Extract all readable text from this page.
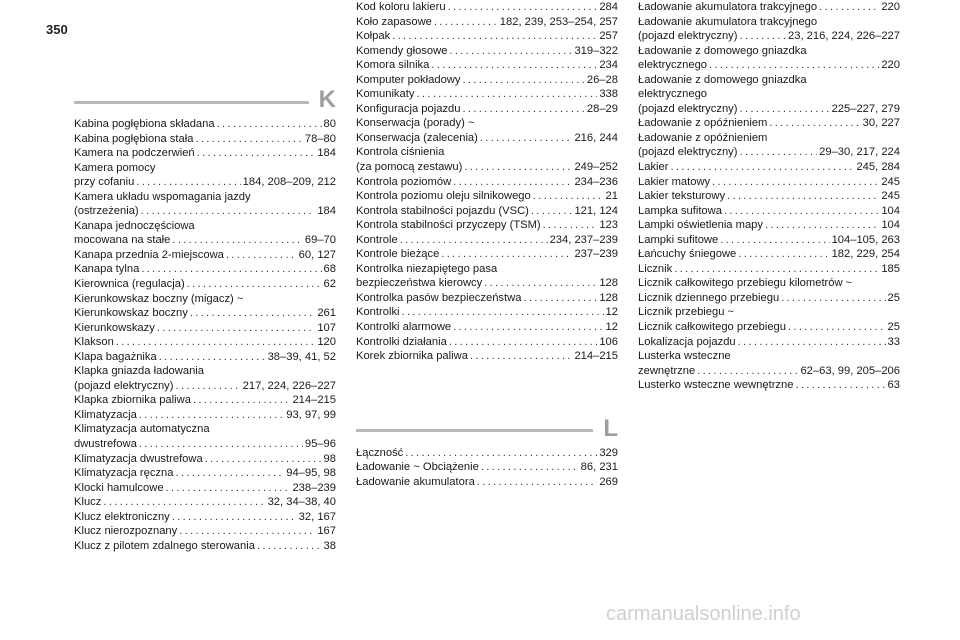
350
K
Kabina pogłębiona składana . . .	80
Kabina pogłębiona stała . . .	78–80
Kamera na podczerwień . . .	184
Kamera pomocy
przy cofaniu . . .	184, 208–209, 212
Kamera układu wspomagania jazdy
(ostrzeżenia) . . .	184
Kanapa jednoczęściowa
mocowana na stałe . . .	69–70
Kanapa przednia 2-miejscowa . . .	60, 127
Kanapa tylna . . .	68
Kierownica (regulacja) . . .	62
Kierunkowskaz boczny (migacz) ~
Kierunkowskaz boczny . . .	261
Kierunkowskazy . . .	107
Klakson . . .	120
Klapa bagażnika . . .	38–39, 41, 52
Klapka gniazda ładowania
(pojazd elektryczny) . . .	217, 224, 226–227
Klapka zbiornika paliwa . . .	214–215
Klimatyzacja . . .	93, 97, 99
Klimatyzacja automatyczna
dwustrefowa . . .	95–96
Klimatyzacja dwustrefowa . . .	98
Klimatyzacja ręczna . . .	94–95, 98
Klocki hamulcowe . . .	238–239
Klucz . . .	32, 34–38, 40
Klucz elektroniczny . . .	32, 167
Klucz nierozpoznany . . .	167
Klucz z pilotem zdalnego sterowania . . .	38
Kod koloru lakieru . . .	284
Koło zapasowe . . .	182, 239, 253–254, 257
Kołpak . . .	257
Komendy głosowe . . .	319–322
Komora silnika . . .	234
Komputer pokładowy . . .	26–28
Komunikaty . . .	338
Konfiguracja pojazdu . . .	28–29
Konserwacja (porady) ~
Konserwacja (zalecenia) . . .	216, 244
Kontrola ciśnienia
(za pomocą zestawu) . . .	249–252
Kontrola poziomów . . .	234–236
Kontrola poziomu oleju silnikowego . . .	21
Kontrola stabilności pojazdu (VSC) . . .	121, 124
Kontrola stabilności przyczepy (TSM) . . .	123
Kontrole . . .	234, 237–239
Kontrole bieżące . . .	237–239
Kontrolka niezapiętego pasa
bezpieczeństwa kierowcy . . .	128
Kontrolka pasów bezpieczeństwa . . .	128
Kontrolki . . .	12
Kontrolki alarmowe . . .	12
Kontrolki działania . . .	106
Korek zbiornika paliwa . . .	214–215
L
Łączność . . .	329
Ładowanie ~ Obciążenie . . .	86, 231
Ładowanie akumulatora . . .	269
Ładowanie akumulatora trakcyjnego . . .	220
Ładowanie akumulatora trakcyjnego
(pojazd elektryczny) . . .	23, 216, 224, 226–227
Ładowanie z domowego gniazdka
elektrycznego . . .	220
Ładowanie z domowego gniazdka
elektrycznego
(pojazd elektryczny) . . .	225–227, 279
Ładowanie z opóźnieniem . . .	30, 227
Ładowanie z opóźnieniem
(pojazd elektryczny) . . .	29–30, 217, 224
Lakier . . .	245, 284
Lakier matowy . . .	245
Lakier teksturowy . . .	245
Lampka sufitowa . . .	104
Lampki oświetlenia mapy . . .	104
Lampki sufitowe . . .	104–105, 263
Łańcuchy śniegowe . . .	182, 229, 254
Licznik . . .	185
Licznik całkowitego przebiegu kilometrów ~
Licznik dziennego przebiegu . . .	25
Licznik przebiegu ~
Licznik całkowitego przebiegu . . .	25
Lokalizacja pojazdu . . .	33
Lusterka wsteczne
zewnętrzne . . .	62–63, 99, 205–206
Lusterko wsteczne wewnętrzne . . .	63
carmanualsonline.info
